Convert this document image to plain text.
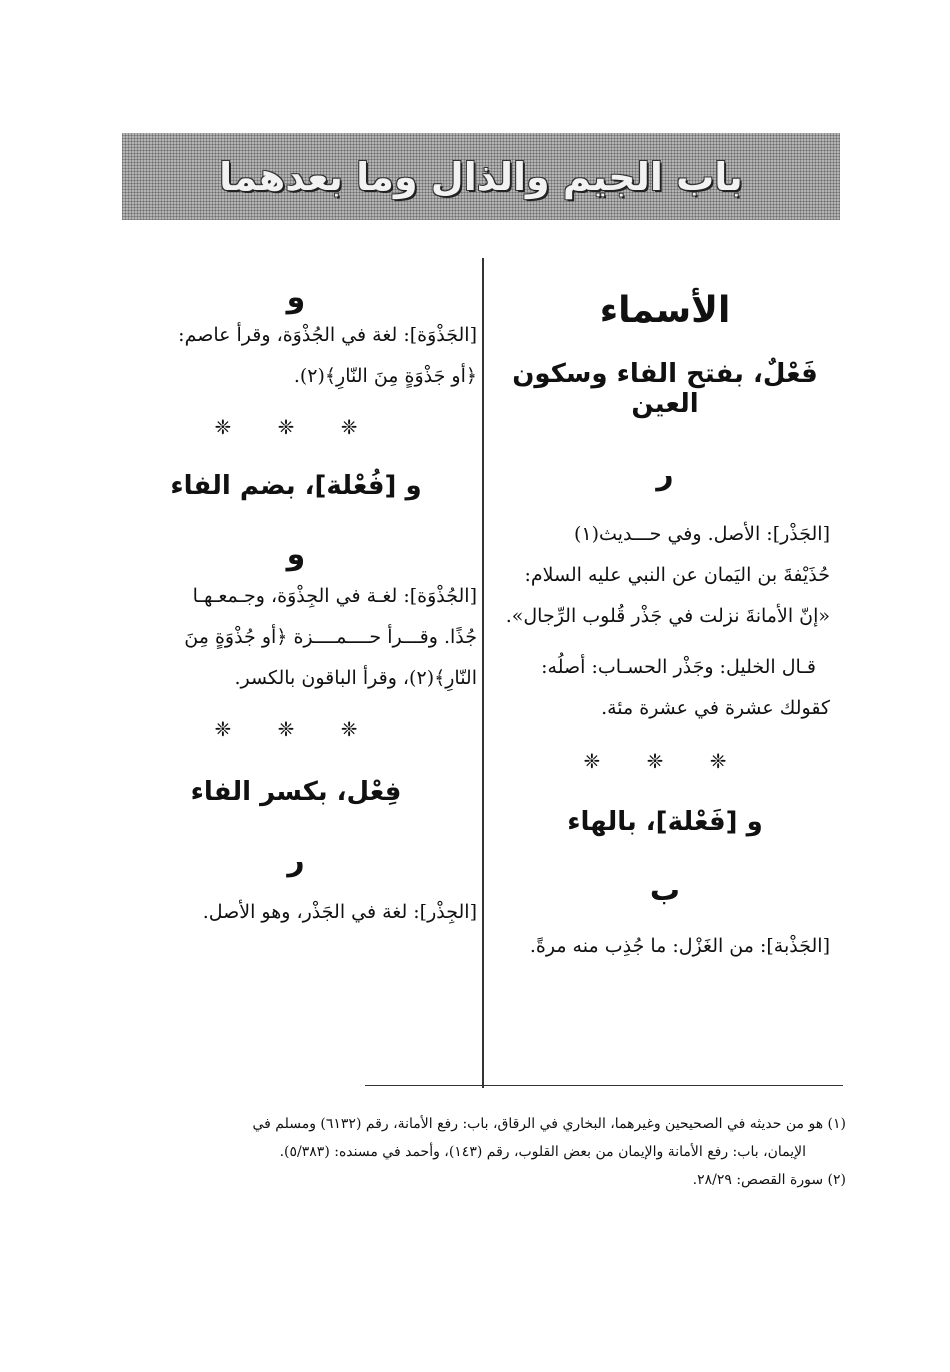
باب الجيم والذال وما بعدهما

الأسماء

فَعْلٌ، بفتح الفاء وسكون العين

ر

[الجَذْر]: الأصل. وفي حـــديث(١)

حُذَيْفةَ بن اليَمان عن النبي عليه السلام:

«إنّ الأمانةَ نزلت في جَذْر قُلوب الرِّجال».

قـال الخليل: وجَذْر الحسـاب: أصلُه:

كقولك عشرة في عشرة مئة.

❈ ❈ ❈

و [فَعْلة]، بالهاء

ب

[الجَذْبة]: من الغَزْل: ما جُذِب منه مرةً.

و

[الجَذْوَة]: لغة في الجُذْوَة، وقرأ عاصم:

﴿أو جَذْوَةٍ مِنَ النّارِ﴾(٢).

❈ ❈ ❈

و [فُعْلة]، بضم الفاء

و

[الجُذْوَة]: لغـة في الجِذْوَة، وجـمعـهـا

جُذًا. وقـــرأ حــــمــــزة ﴿أو جُذْوَةٍ مِنَ

النّارِ﴾(٢)، وقرأ الباقون بالكسر.

❈ ❈ ❈

فِعْل، بكسر الفاء

ر

[الجِذْر]: لغة في الجَذْر، وهو الأصل.

(١) هو من حديثه في الصحيحين وغيرهما، البخاري في الرقاق، باب: رفع الأمانة، رقم (٦١٣٢) ومسلم في

الإيمان، باب: رفع الأمانة والإيمان من بعض القلوب، رقم (١٤٣)، وأحمد في مسنده: (٥/٣٨٣).

(٢) سورة القصص: ٢٨/٢٩.
